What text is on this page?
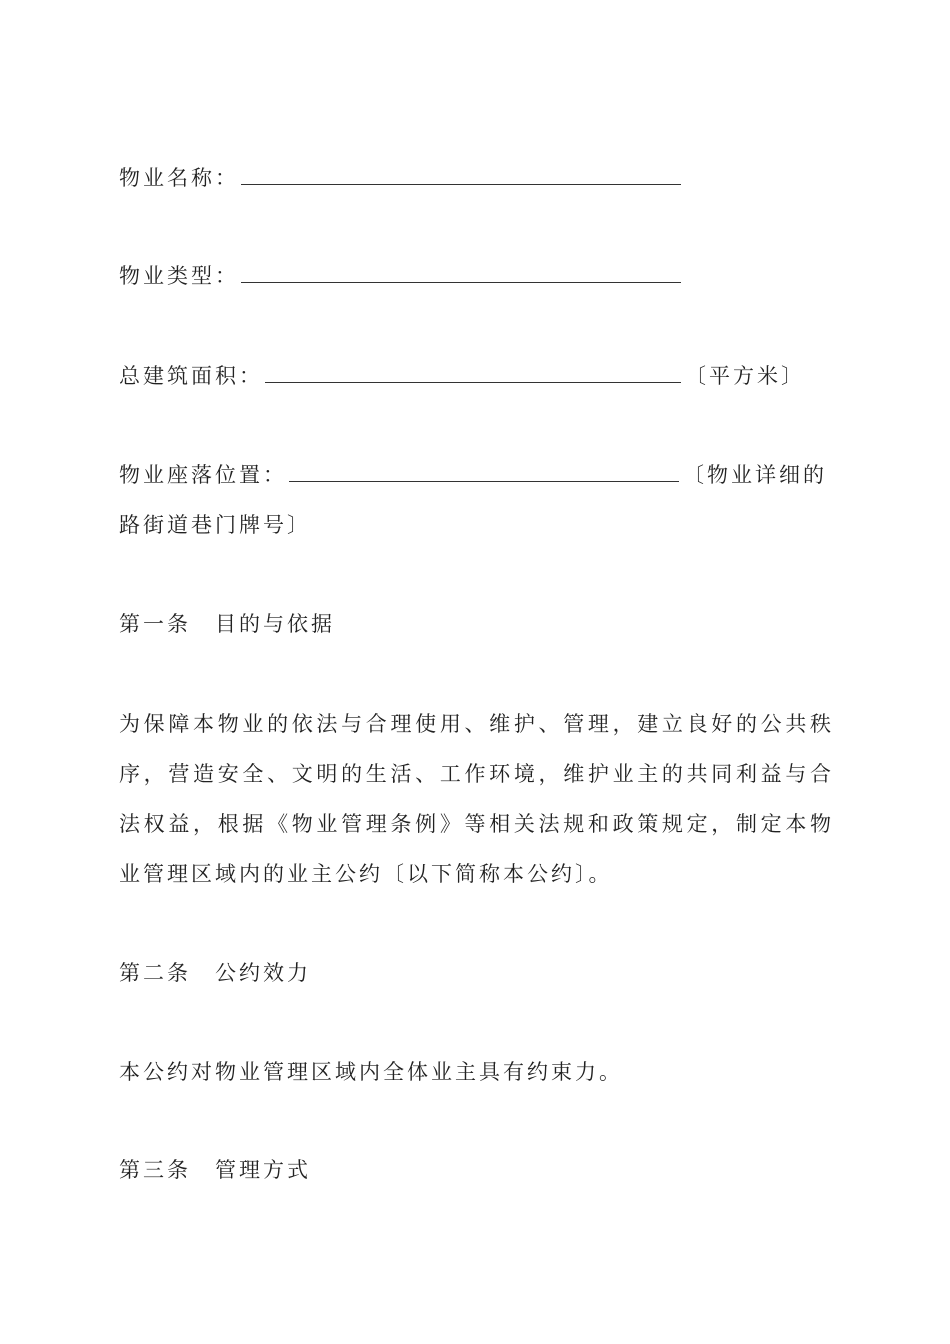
物业名称：
物业类型：
总建筑面积：	〔平方米〕
物业座落位置：	〔物业详细的
路街道巷门牌号〕
第一条　目的与依据
为保障本物业的依法与合理使用、维护、管理，建立良好的公共秩序，营造安全、文明的生活、工作环境，维护业主的共同利益与合法权益，根据《物业管理条例》等相关法规和政策规定，制定本物业管理区域内的业主公约〔以下简称本公约〕。
第二条　公约效力
本公约对物业管理区域内全体业主具有约束力。
第三条　管理方式
